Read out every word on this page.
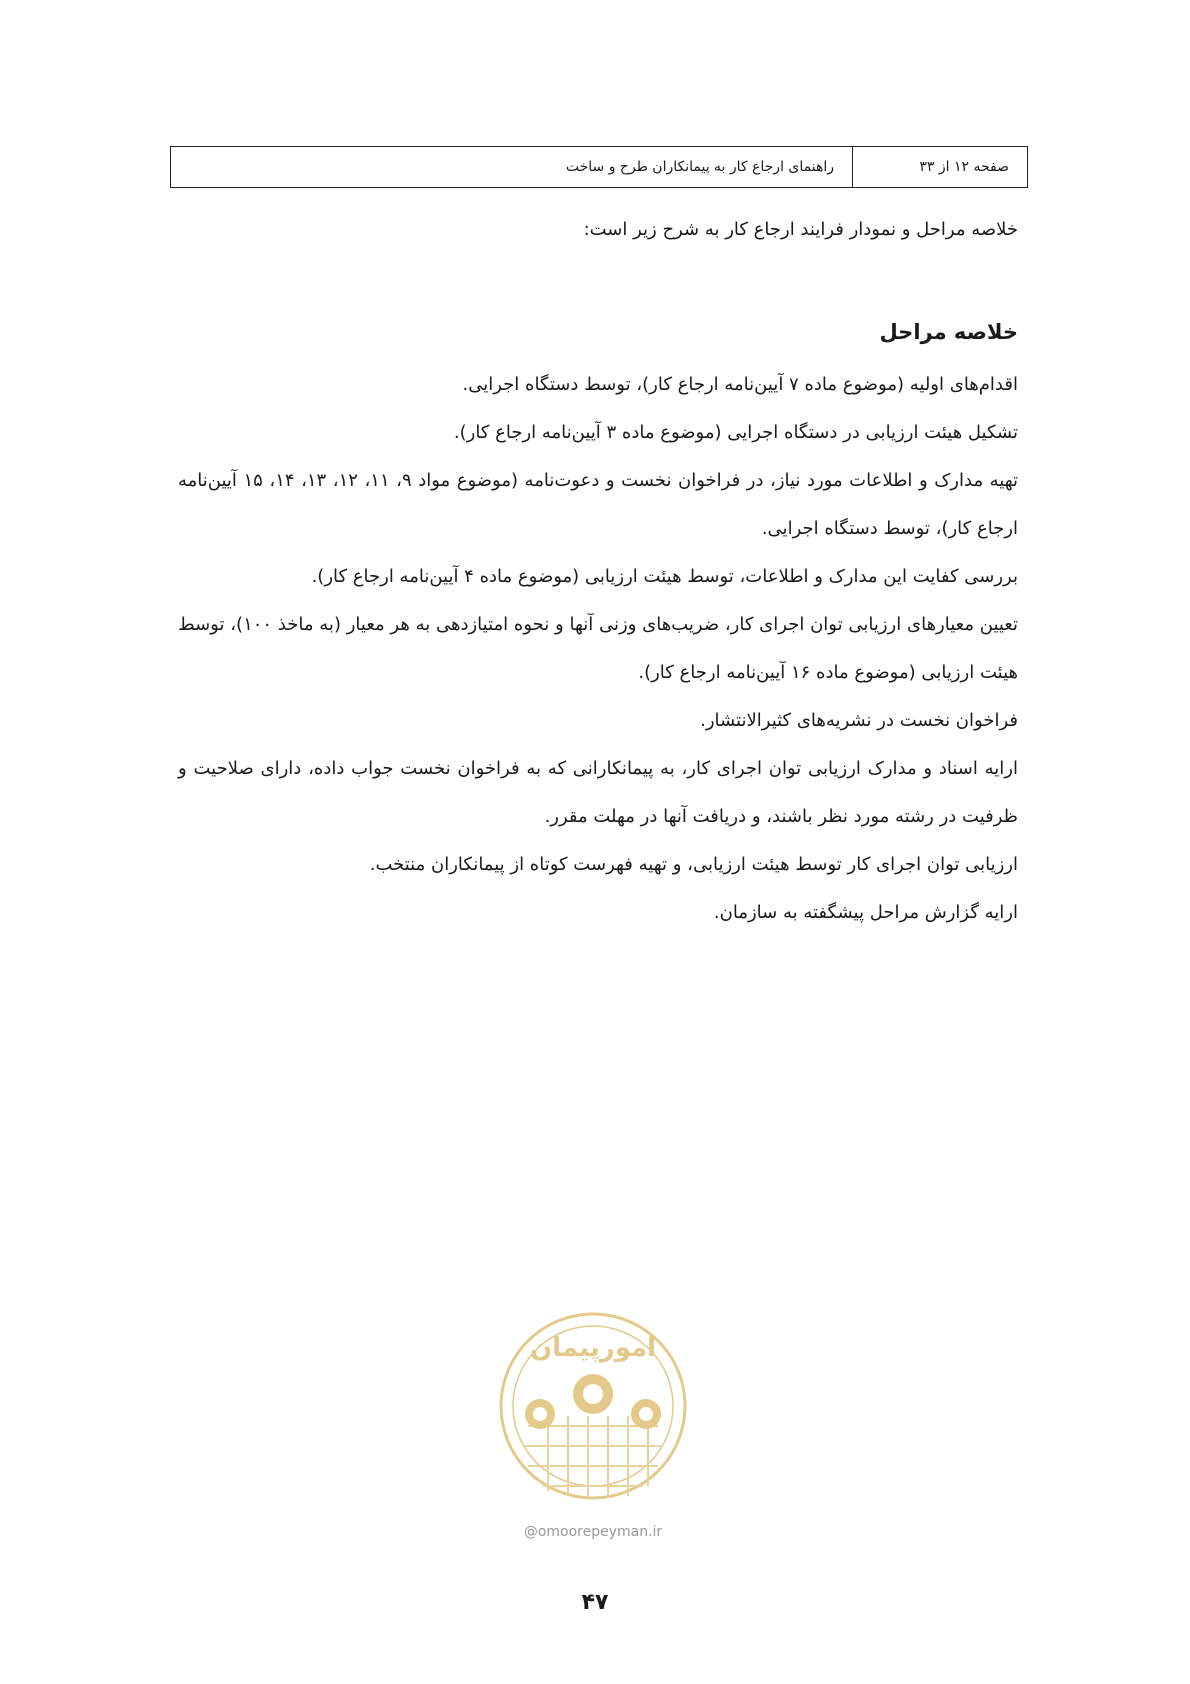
صفحه ۱۲ از ۳۳
راهنمای ارجاع کار به پیمانکاران طرح و ساخت

خلاصه مراحل و نمودار فرایند ارجاع کار به شرح زیر است:

خلاصه مراحل
اقدام‌های اولیه (موضوع ماده ۷ آیین‌نامه ارجاع کار)، توسط دستگاه اجرایی.
تشکیل هیئت ارزیابی در دستگاه اجرایی (موضوع ماده ۳ آیین‌نامه ارجاع کار).
تهیه مدارک و اطلاعات مورد نیاز، در فراخوان نخست و دعوت‌نامه (موضوع مواد ۹، ۱۱، ۱۲، ۱۳، ۱۴، ۱۵ آیین‌نامه ارجاع کار)، توسط دستگاه اجرایی.
بررسی کفایت این مدارک و اطلاعات، توسط هیئت ارزیابی (موضوع ماده ۴ آیین‌نامه ارجاع کار).
تعیین معیارهای ارزیابی توان اجرای کار، ضریب‌های وزنی آنها و نحوه امتیازدهی به هر معیار (به ماخذ ۱۰۰)، توسط هیئت ارزیابی (موضوع ماده ۱۶ آیین‌نامه ارجاع کار).
فراخوان نخست در نشریه‌های کثیرالانتشار.
ارایه اسناد و مدارک ارزیابی توان اجرای کار، به پیمانکارانی که به فراخوان نخست جواب داده، دارای صلاحیت و ظرفیت در رشته مورد نظر باشند، و دریافت آنها در مهلت مقرر.
ارزیابی توان اجرای کار توسط هیئت ارزیابی، و تهیه فهرست کوتاه از پیمانکاران منتخب.
ارایه گزارش مراحل پیشگفته به سازمان.
امورپیمان
@omoorepeyman.ir
۴۷
